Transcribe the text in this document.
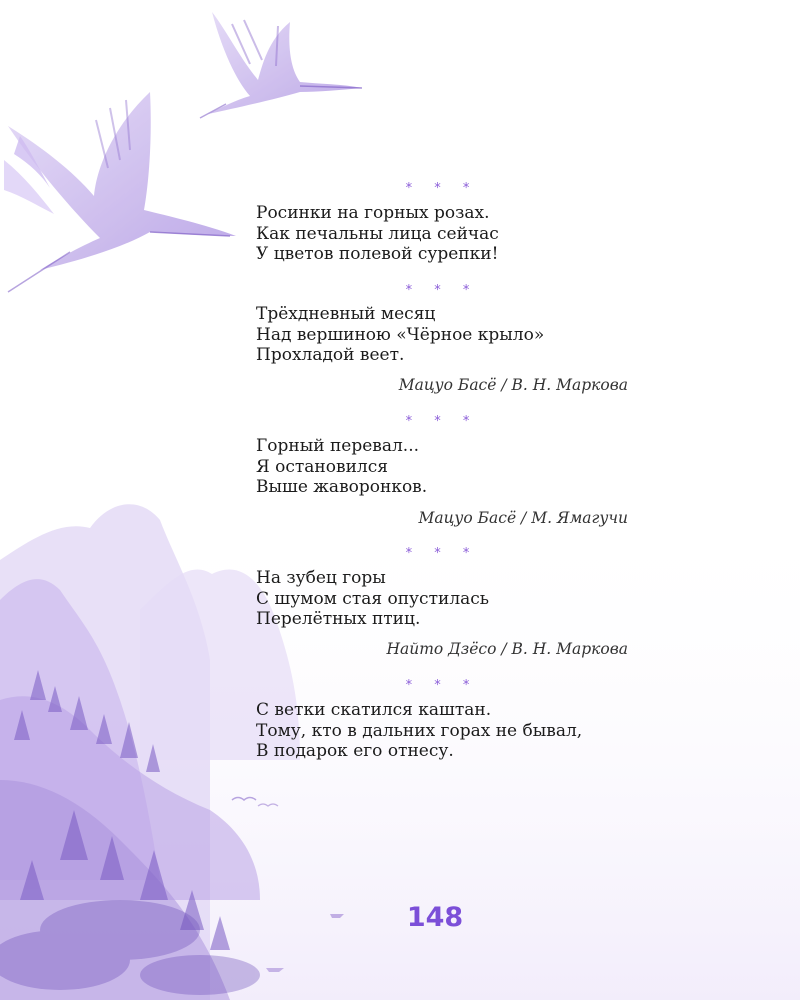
* * *
Росинки на горных розах.
Как печальны лица сейчас
У цветов полевой сурепки!
* * *
Трёхдневный месяц
Над вершиною «Чёрное крыло»
Прохладой веет.
Мацуо Басё / В. Н. Маркова
* * *
Горный перевал...
Я остановился
Выше жаворонков.
Мацуо Басё / М. Ямагучи
* * *
На зубец горы
С шумом стая опустилась
Перелётных птиц.
Найто Дзёсо / В. Н. Маркова
* * *
С ветки скатился каштан.
Тому, кто в дальних горах не бывал,
В подарок его отнесу.
148
